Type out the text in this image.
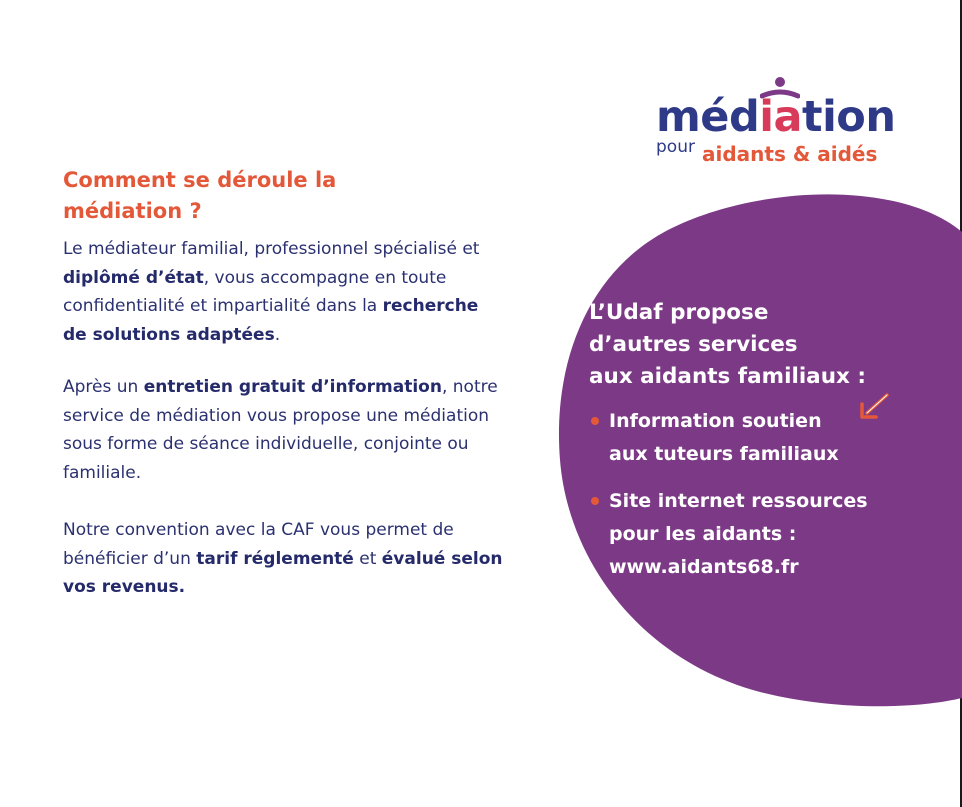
médiation
pour aidants & aidés
Comment se déroule la
médiation ?

Le médiateur familial, professionnel spécialisé et diplômé d’état, vous accompagne en toute confidentialité et impartialité dans la recherche de solutions adaptées.

Après un entretien gratuit d’information, notre service de médiation vous propose une médiation sous forme de séance individuelle, conjointe ou familiale.

Notre convention avec la CAF vous permet de bénéficier d’un tarif réglementé et évalué selon vos revenus.

L’Udaf propose
d’autres services
aux aidants familiaux :
Information soutien
aux tuteurs familiaux
Site internet ressources
pour les aidants :
www.aidants68.fr
